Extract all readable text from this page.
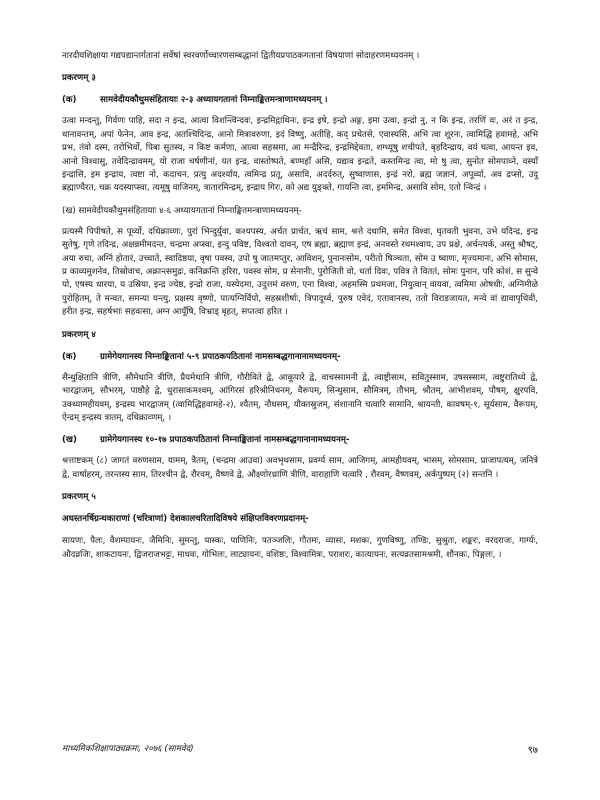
नारदीयशिक्षाया गद्यपद्यान्तर्गतानां सर्वेषां स्वरवर्णोच्चारणसम्बद्धानां द्वितीयप्रपाठकगतानां विषयाणां सोदाहरणमध्ययनम् ।

प्रकरणम् ३
(क)	सामवेदीयकौथुमसंहितायाः २-३ अध्यायगतानां निम्नाङ्कितमन्त्राणामध्ययनम् ।

उत्वा मन्दन्तु, गिर्वणः पाहि, सदा न इन्द्र, आत्वा विशन्त्विन्दवः, इन्द्रमिद्गाथिनः, इन्द्र इषे, इन्द्रो अङ्ग, इमा उत्वा, इन्द्रो नु, न कि इन्द्र, तरणिं वः, अरं त इन्द्र, धानावन्तम्, अपां फेनेन, आव इन्द्र, अतश्चिदिन्द्र, आनो मित्रावरुणा, इदं विष्णु, अतीहि, कद् प्रचेतसे, एवास्यसि, अभि त्वा शूरनः, त्वामिद्धि हवामहे, अभि प्रभ, तंवो दस्म, तरोभिर्वो, पिबा सुतस्य, न किष्ट कर्मणा, आत्वा सहस्रमा, आ मन्द्रैरिन्द्र, इन्द्रमिद्देवता, शग्ध्यूषु शचीपते, बृहदिन्द्राय, वयं घत्वा, आयन्त इव, आनो विश्वासु, तवेदिन्द्रावमम्, यो राजा चर्षणीनां, यत इन्द्र, वास्तोष्पते, बण्महाँ असि, यद्याव इन्द्रते, कस्तमिन्द्र त्वा, मो षु त्वा, सुनोत सोमपाव्ने, वस्याँ इन्द्रासि, इम इन्द्राय, त्वष्टा नो, कदाचन, प्रत्यु अदर्श्याय, त्वमिन्द्र प्रतू, असावि, अदर्दरुत्, सुष्वाणास, इन्द्रं नरो, ब्रह्म जज्ञानं, अपूर्व्या, अव द्रप्सो, उदु ब्रह्माण्यैरत, चक्र यदस्याप्स्वा, त्यमूषु वाजिनम्, त्रातारमिन्द्रम्, इन्द्राय गिरः, को अद्य युङ्क्ते, गायन्ति त्वा, इममिन्द्र, असावि सोम, एतो न्विन्द्रं ।

(ख) सामवेदीयकौथुमसंहितायाः ४-६ अध्यायगतानां निम्नाङ्कितमन्त्राणामध्ययनम्-

प्रत्यस्मै पिपीषते, स पूर्व्यो, दधिक्राव्णः, पुरां भिन्दुर्युवा, कश्यपस्य, अर्चत प्रार्चत, ऋचं साम, श्रत्ते दधामि, समेत विश्वा, घृतवती भुवना, उभे यदिन्द्र, इन्द्र सुतेषु, गृणे तदिन्द्र, अक्षन्नमीमदन्त, चन्द्रमा अप्स्वा, इन्दु पविष्ट, विश्वतो दावन्, एष ब्रह्मा, ब्रह्माण इन्द्रं, अनवस्ते रथमश्वाय, उप प्रक्षे, अर्चन्त्यर्क, अस्तु श्रौषट्, अया रुचा, अग्निं होतारं, उच्चाते, स्वादिष्ठया, वृषा पवस्व, उपो षु जातमप्तुर, आविशन्, पुनानःसोम, परीतो षिञ्चता, सोम उ ष्वाणः, मृज्यमानः, अभि सोमास, प्र काव्यमुशनेव, तिस्रोवाच, अक्रान्त्समुद्रः, कनिक्रन्ति हरिरा, पवस्व सोम, प्र सेनानीः, पुरोजिती वो, धर्ता दिवः, पवित्र ते विततं, सोमः पुनान, परि कोशं, स सुन्वे यो, एषस्य धारया, य उस्रिया, इन्द्र ज्येष्ठ, इन्द्रो राजा, यस्येदमा, उदुत्तमं वरुण, एना विश्वा, अहमस्मि प्रथमजा, नियुत्वान् वायवा, त्वमिमा ओषधीः, अग्निमीळे पुरोहितम्, ते मन्वत, समन्या यन्त्यु, प्रक्षस्य वृष्णो, पात्यग्निर्विपो, सहस्रशीर्षाः, त्रिपादूर्ध्व, पुरुष एवेदं, एतावानस्य, ततो विराडजायत, मन्ये वां द्यावापृथिवी, हरीत इन्द्र, सहर्षभाः सहवत्सा, अग्न आयूँषि, विभ्राड् बृहत्, सप्तत्वा हरित ।

प्रकरणम् ४
(क)	ग्रामेगेयगानस्य निम्नाङ्कितानां ५-९ प्रपाठकपठितानां नामसम्बद्धगानानामध्ययनम्-

सैन्धुक्षितानि त्रीणि, सौमेधानि त्रीणि, प्रैयमेधानि त्रीणि, गौरीविते द्वे, आकूपारे द्वे, वाचस्सामनी द्वे, त्वाष्ट्रीसाम, सवितुस्साम, उषसस्साम, त्वष्टुरातिथ्ये द्वे, भारद्वाजम्, सौभरम्, पाष्ठौहे द्वे, धुरासाकमश्वम्, आंगिरसं हरिश्रीनिधनम्, वैरूपम्, सिन्धुसाम, सौमित्रम्, तौभम्, श्रौतम्, आभीशवम्, पौषम्, क्षुरपवि, उक्थ्यामहीयवम्, इन्द्रस्य भारद्वाजम् (त्वामिद्धिहवामहे-२), श्यैतम्, नौधसम्, यौक्तस्रुजम्, संशानानि चत्वारि सामानि, श्रायन्ती, कावषम्-१, सूर्यसाम, वैरूपम्, ऐन्द्रम् इन्द्रस्य त्रातम्, दधिक्राव्णम्, ।

(ख)	ग्रामेगेयगानस्य १०-१७ प्रपाठकपठितानां निम्नाङ्कितानां नामसम्बद्धगानानामध्ययनम्-

श्रत्ताष्टकम् (८) जागतं वरुणसाम, यामम्, त्रैतम्, (चन्द्रमा आउवा) अवभृथसाम, प्रवर्ग्य साम, आजिगम्, आमहीयवम्, भासम्, सोमसाम, प्राजापत्यम्, जनित्रे द्वे, वार्षाहरम्, तरन्तस्य साम, तिरश्चीन द्वे, रौरवम्, वैष्णवे द्वे, औक्ष्णोरध्राणि त्रीणि, वाराहाणि चत्वारि , रौरवम्, वैष्णवम्, अर्कपुष्पम् (२) सन्तनि ।

प्रकरणम् ५
अधस्तनर्षिग्रन्थकाराणां (चरित्राणां) देशकालचरितादिविषये संक्षिप्तविवरणप्रदानम्-

सायणः, पैलः, वैशम्पायनः, जैमिनिः, सुमन्तु, यास्कः, पाणिनिः, पतञ्जलिः, गौतमः, व्यासः, मशकः, गुणविष्णु, तण्डिः, सुश्रुतः, शङ्करः, वरदराजः, गार्ग्यः, औदव्रजिः, शाकटायनः, द्विजराजभट्टः, माधवः, गोभिलः, लाट्यायनः, वशिष्ठः, विश्वामित्रः, पराशरः, कात्यायनः, सत्यव्रतसामश्रमी, शौनकः, पिङ्गलः, ।

माध्यमिकशिक्षापाठ्यक्रमः, २०७६ (सामवेद)	९७
